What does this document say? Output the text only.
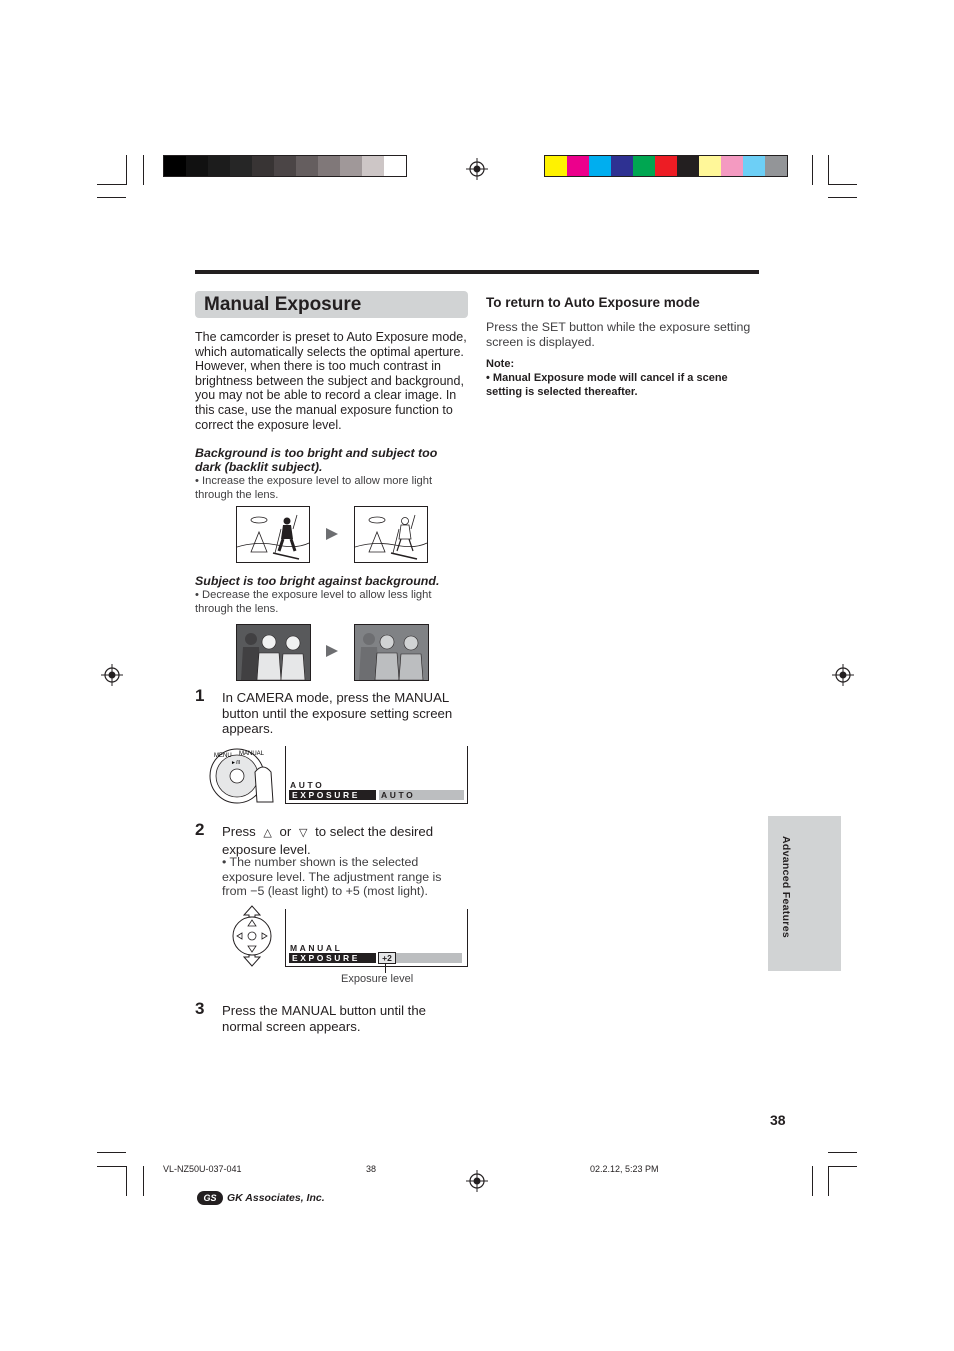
Manual Exposure
The camcorder is preset to Auto Exposure mode, which automatically selects the optimal aperture. However, when there is too much contrast in brightness between the subject and background, you may not be able to record a clear image. In this case, use the manual exposure function to correct the exposure level.
Background is too bright and subject too dark (backlit subject).
• Increase the exposure level to allow more light through the lens.
Subject is too bright against background.
• Decrease the exposure level to allow less light through the lens.
1 In CAMERA mode, press the MANUAL button until the exposure setting screen appears.
MENU MANUAL
►/II
AUTO
EXPOSURE	AUTO
2 Press △ or ▽ to select the desired exposure level.
• The number shown is the selected exposure level. The adjustment range is from −5 (least light) to +5 (most light).
MANUAL
EXPOSURE	+2
Exposure level
3 Press the MANUAL button until the normal screen appears.
To return to Auto Exposure mode
Press the SET button while the exposure setting screen is displayed.
Note:
• Manual Exposure mode will cancel if a scene setting is selected thereafter.
Advanced Features
38
VL-NZ50U-037-041	38	02.2.12, 5:23 PM
GS	GK Associates, Inc.
